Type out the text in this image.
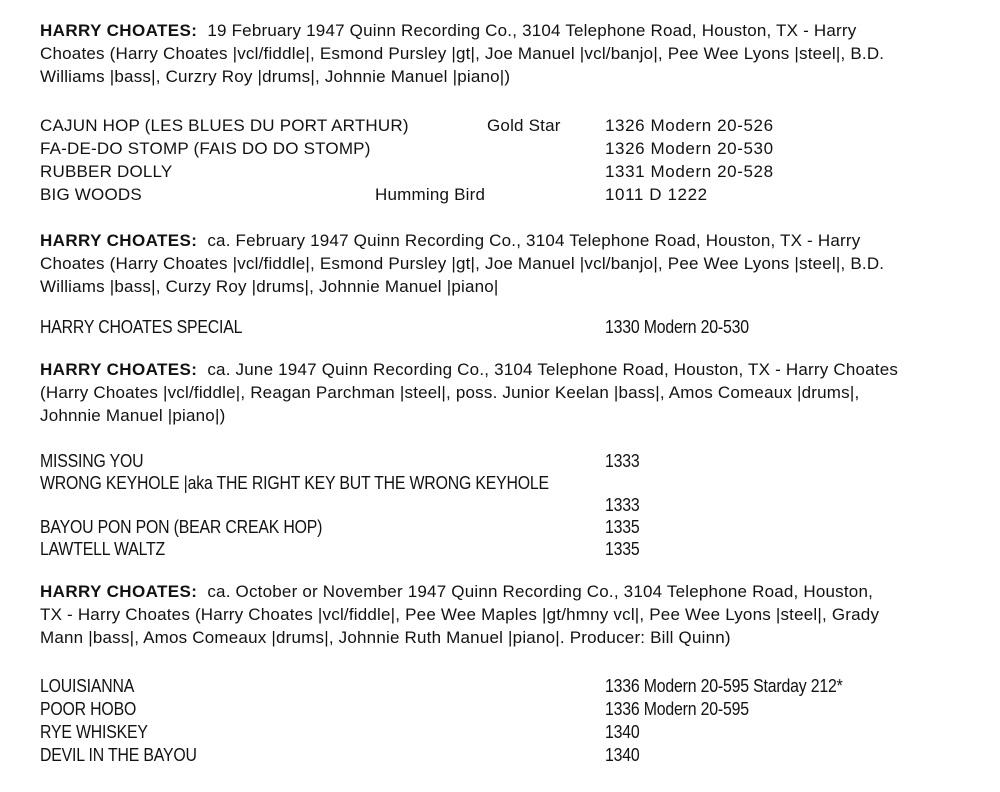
HARRY CHOATES: 19 February 1947 Quinn Recording Co., 3104 Telephone Road, Houston, TX - Harry
Choates (Harry Choates |vcl/fiddle|, Esmond Pursley |gt|, Joe Manuel |vcl/banjo|, Pee Wee Lyons |steel|, B.D.
Williams |bass|, Curzry Roy |drums|, Johnnie Manuel |piano|)
CAJUN HOP (LES BLUES DU PORT ARTHUR)	Gold Star	1326 Modern 20-526
FA-DE-DO STOMP (FAIS DO DO STOMP)	1326 Modern 20-530
RUBBER DOLLY	1331 Modern 20-528
BIG WOODS	Humming Bird	1011 D 1222
HARRY CHOATES: ca. February 1947 Quinn Recording Co., 3104 Telephone Road, Houston, TX - Harry
Choates (Harry Choates |vcl/fiddle|, Esmond Pursley |gt|, Joe Manuel |vcl/banjo|, Pee Wee Lyons |steel|, B.D.
Williams |bass|, Curzy Roy |drums|, Johnnie Manuel |piano|
HARRY CHOATES SPECIAL	1330 Modern 20-530
HARRY CHOATES: ca. June 1947 Quinn Recording Co., 3104 Telephone Road, Houston, TX - Harry Choates
(Harry Choates |vcl/fiddle|, Reagan Parchman |steel|, poss. Junior Keelan |bass|, Amos Comeaux |drums|,
Johnnie Manuel |piano|)
MISSING YOU	1333
WRONG KEYHOLE |aka THE RIGHT KEY BUT THE WRONG KEYHOLE
1333
BAYOU PON PON (BEAR CREAK HOP)	1335
LAWTELL WALTZ	1335
HARRY CHOATES: ca. October or November 1947 Quinn Recording Co., 3104 Telephone Road, Houston,
TX - Harry Choates (Harry Choates |vcl/fiddle|, Pee Wee Maples |gt/hmny vcl|, Pee Wee Lyons |steel|, Grady
Mann |bass|, Amos Comeaux |drums|, Johnnie Ruth Manuel |piano|. Producer: Bill Quinn)
LOUISIANNA	1336 Modern 20-595 Starday 212*
POOR HOBO	1336 Modern 20-595
RYE WHISKEY	1340
DEVIL IN THE BAYOU	1340
